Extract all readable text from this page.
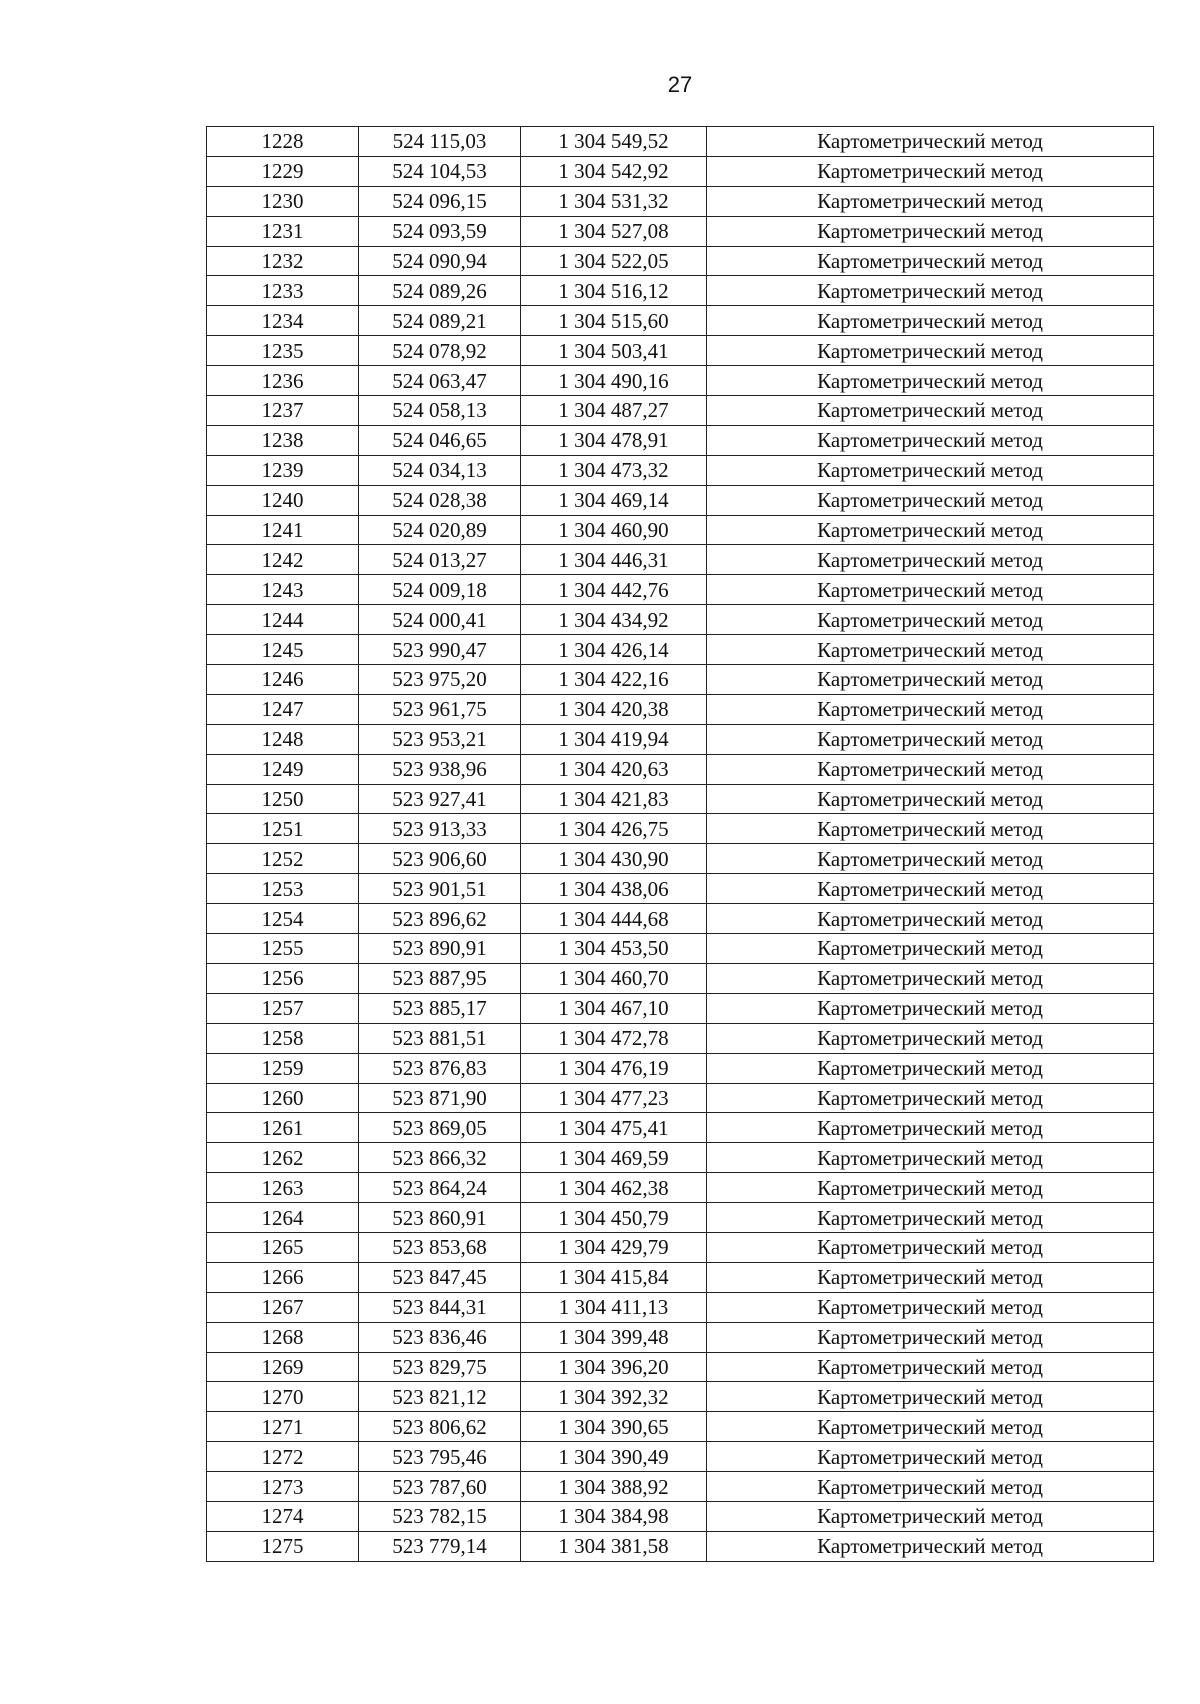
27
1228	524 115,03	1 304 549,52	Картометрический метод
1229	524 104,53	1 304 542,92	Картометрический метод
1230	524 096,15	1 304 531,32	Картометрический метод
1231	524 093,59	1 304 527,08	Картометрический метод
1232	524 090,94	1 304 522,05	Картометрический метод
1233	524 089,26	1 304 516,12	Картометрический метод
1234	524 089,21	1 304 515,60	Картометрический метод
1235	524 078,92	1 304 503,41	Картометрический метод
1236	524 063,47	1 304 490,16	Картометрический метод
1237	524 058,13	1 304 487,27	Картометрический метод
1238	524 046,65	1 304 478,91	Картометрический метод
1239	524 034,13	1 304 473,32	Картометрический метод
1240	524 028,38	1 304 469,14	Картометрический метод
1241	524 020,89	1 304 460,90	Картометрический метод
1242	524 013,27	1 304 446,31	Картометрический метод
1243	524 009,18	1 304 442,76	Картометрический метод
1244	524 000,41	1 304 434,92	Картометрический метод
1245	523 990,47	1 304 426,14	Картометрический метод
1246	523 975,20	1 304 422,16	Картометрический метод
1247	523 961,75	1 304 420,38	Картометрический метод
1248	523 953,21	1 304 419,94	Картометрический метод
1249	523 938,96	1 304 420,63	Картометрический метод
1250	523 927,41	1 304 421,83	Картометрический метод
1251	523 913,33	1 304 426,75	Картометрический метод
1252	523 906,60	1 304 430,90	Картометрический метод
1253	523 901,51	1 304 438,06	Картометрический метод
1254	523 896,62	1 304 444,68	Картометрический метод
1255	523 890,91	1 304 453,50	Картометрический метод
1256	523 887,95	1 304 460,70	Картометрический метод
1257	523 885,17	1 304 467,10	Картометрический метод
1258	523 881,51	1 304 472,78	Картометрический метод
1259	523 876,83	1 304 476,19	Картометрический метод
1260	523 871,90	1 304 477,23	Картометрический метод
1261	523 869,05	1 304 475,41	Картометрический метод
1262	523 866,32	1 304 469,59	Картометрический метод
1263	523 864,24	1 304 462,38	Картометрический метод
1264	523 860,91	1 304 450,79	Картометрический метод
1265	523 853,68	1 304 429,79	Картометрический метод
1266	523 847,45	1 304 415,84	Картометрический метод
1267	523 844,31	1 304 411,13	Картометрический метод
1268	523 836,46	1 304 399,48	Картометрический метод
1269	523 829,75	1 304 396,20	Картометрический метод
1270	523 821,12	1 304 392,32	Картометрический метод
1271	523 806,62	1 304 390,65	Картометрический метод
1272	523 795,46	1 304 390,49	Картометрический метод
1273	523 787,60	1 304 388,92	Картометрический метод
1274	523 782,15	1 304 384,98	Картометрический метод
1275	523 779,14	1 304 381,58	Картометрический метод
